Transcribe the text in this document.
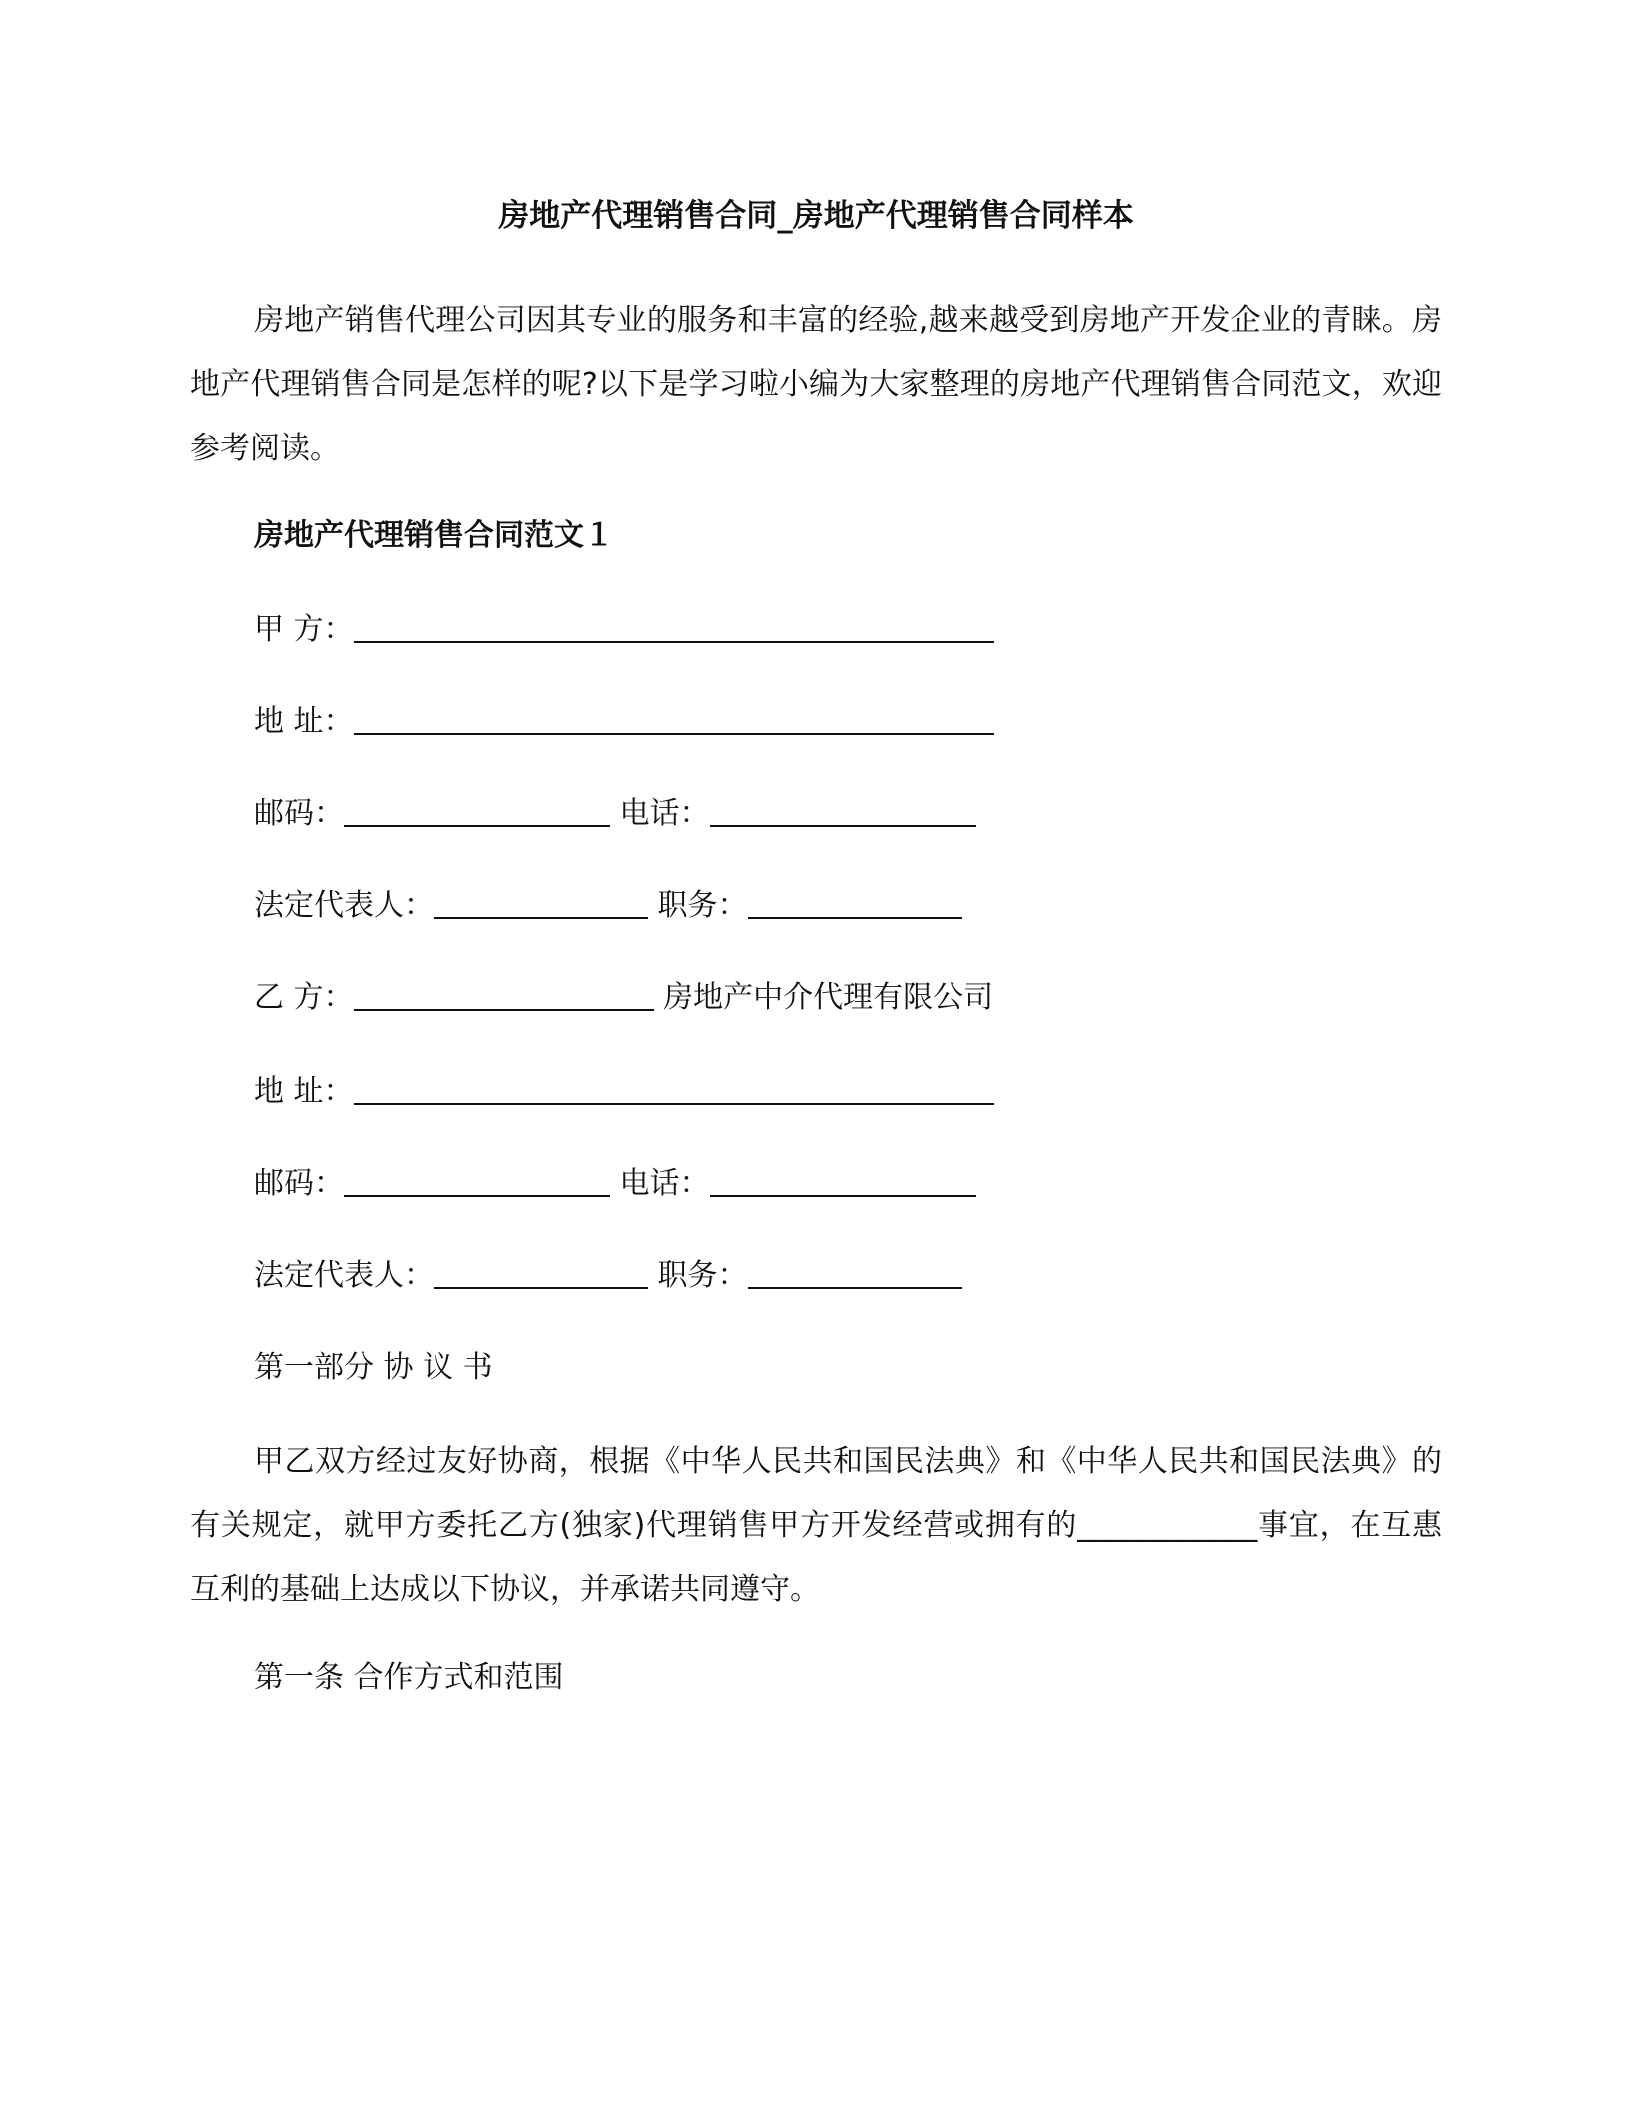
房地产代理销售合同_房地产代理销售合同样本
房地产销售代理公司因其专业的服务和丰富的经验,越来越受到房地产开发企业的青睐。房地产代理销售合同是怎样的呢?以下是学习啦小编为大家整理的房地产代理销售合同范文，欢迎参考阅读。
房地产代理销售合同范文１
甲 方：
地 址：
邮码：	电话：
法定代表人：	职务：
乙 方：	房地产中介代理有限公司
地 址：
邮码：	电话：
法定代表人：	职务：
第一部分 协 议 书
甲乙双方经过友好协商，根据《中华人民共和国民法典》和《中华人民共和国民法典》的有关规定，就甲方委托乙方(独家)代理销售甲方开发经营或拥有的____________事宜，在互惠互利的基础上达成以下协议，并承诺共同遵守。
第一条 合作方式和范围
